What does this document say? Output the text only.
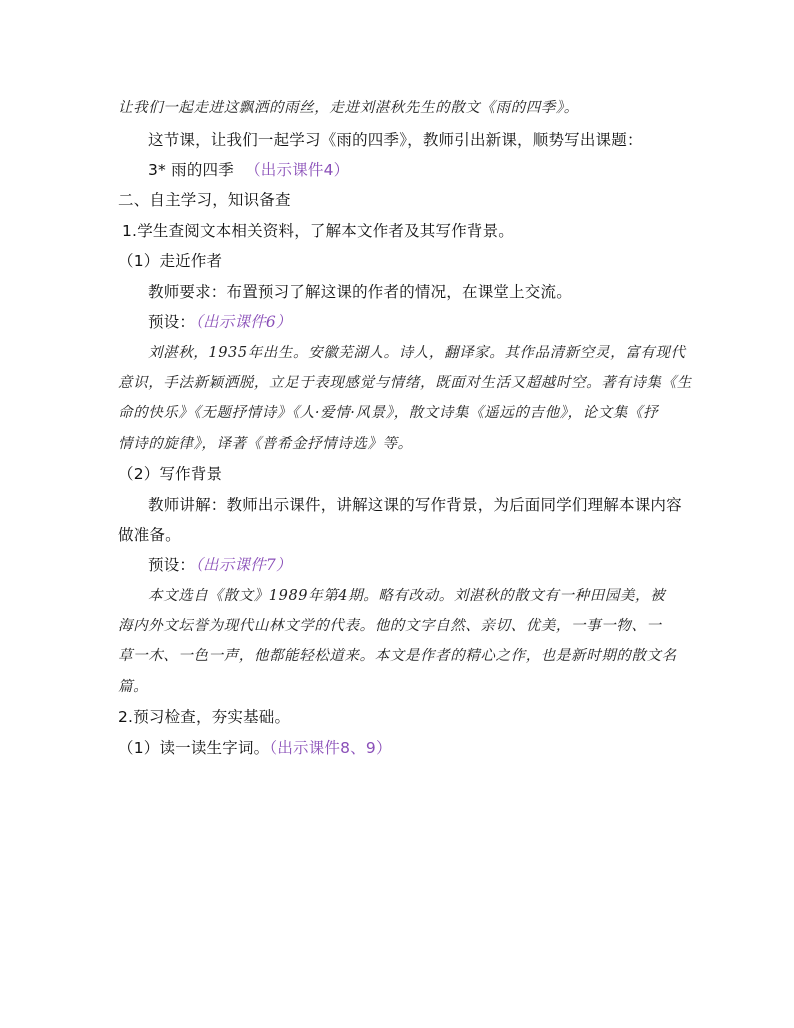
让我们一起走进这飘洒的雨丝，走进刘湛秋先生的散文《雨的四季》。
这节课，让我们一起学习《雨的四季》，教师引出新课，顺势写出课题：
3* 雨的四季 （出示课件4）
二、自主学习，知识备查
1.学生查阅文本相关资料，了解本文作者及其写作背景。
（1）走近作者
教师要求：布置预习了解这课的作者的情况，在课堂上交流。
预设：（出示课件6）
刘湛秋，1935年出生。安徽芜湖人。诗人，翻译家。其作品清新空灵，富有现代
意识，手法新颖洒脱，立足于表现感觉与情绪，既面对生活又超越时空。著有诗集《生
命的快乐》《无题抒情诗》《人·爱情·风景》，散文诗集《遥远的吉他》，论文集《抒
情诗的旋律》，译著《普希金抒情诗选》等。
（2）写作背景
教师讲解：教师出示课件，讲解这课的写作背景，为后面同学们理解本课内容
做准备。
预设：（出示课件7）
本文选自《散文》1989年第4期。略有改动。刘湛秋的散文有一种田园美，被
海内外文坛誉为现代山林文学的代表。他的文字自然、亲切、优美，一事一物、一
草一木、一色一声，他都能轻松道来。本文是作者的精心之作，也是新时期的散文名
篇。
2.预习检查，夯实基础。
（1）读一读生字词。（出示课件8、9）
